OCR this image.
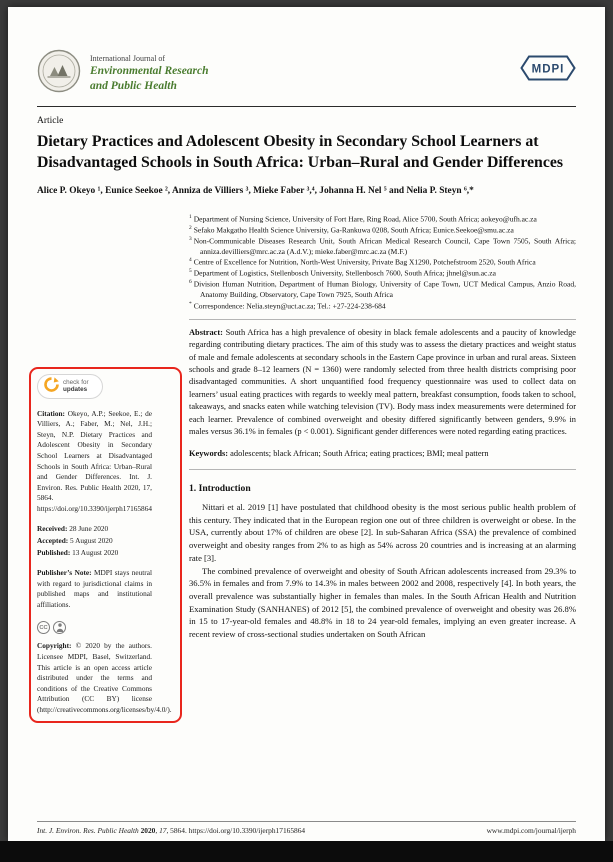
International Journal of
Environmental Research
and Public Health
MDPI
Article
Dietary Practices and Adolescent Obesity in Secondary School Learners at Disadvantaged Schools in South Africa: Urban–Rural and Gender Differences
Alice P. Okeyo ¹, Eunice Seekoe ², Anniza de Villiers ³, Mieke Faber ³,⁴, Johanna H. Nel ⁵ and Nelia P. Steyn ⁶,*
check for
updates

Citation: Okeyo, A.P.; Seekoe, E.; de Villiers, A.; Faber, M.; Nel, J.H.; Steyn, N.P. Dietary Practices and Adolescent Obesity in Secondary School Learners at Disadvantaged Schools in South Africa: Urban–Rural and Gender Differences. Int. J. Environ. Res. Public Health 2020, 17, 5864. https://doi.org/10.3390/ijerph17165864

Received: 28 June 2020
Accepted: 5 August 2020
Published: 13 August 2020

Publisher’s Note: MDPI stays neutral with regard to jurisdictional claims in published maps and institutional affiliations.

CC

Copyright: © 2020 by the authors. Licensee MDPI, Basel, Switzerland. This article is an open access article distributed under the terms and conditions of the Creative Commons Attribution (CC BY) license (http://creativecommons.org/licenses/by/4.0/).

$^1$ Department of Nursing Science, University of Fort Hare, Ring Road, Alice 5700, South Africa; aokeyo@ufh.ac.za
$^2$ Sefako Makgatho Health Science University, Ga-Rankuwa 0208, South Africa; Eunice.Seekoe@smu.ac.za
$^3$ Non-Communicable Diseases Research Unit, South African Medical Research Council, Cape Town 7505, South Africa; anniza.devilliers@mrc.ac.za (A.d.V.); mieke.faber@mrc.ac.za (M.F.)
$^4$ Centre of Excellence for Nutrition, North-West University, Private Bag X1290, Potchefstroom 2520, South Africa
$^5$ Department of Logistics, Stellenbosch University, Stellenbosch 7600, South Africa; jhnel@sun.ac.za
$^6$ Division Human Nutrition, Department of Human Biology, University of Cape Town, UCT Medical Campus, Anzio Road, Anatomy Building, Observatory, Cape Town 7925, South Africa
* Correspondence: Nelia.steyn@uct.ac.za; Tel.: +27-224-238-684

Abstract: South Africa has a high prevalence of obesity in black female adolescents and a paucity of knowledge regarding contributing dietary practices. The aim of this study was to assess the dietary practices and weight status of male and female adolescents at secondary schools in the Eastern Cape province in urban and rural areas. Sixteen schools and grade 8–12 learners (N = 1360) were randomly selected from three health districts comprising poor disadvantaged communities. A short unquantified food frequency questionnaire was used to collect data on learners’ usual eating practices with regards to weekly meal pattern, breakfast consumption, foods taken to school, takeaways, and snacks eaten while watching television (TV). Body mass index measurements were determined for each learner. Prevalence of combined overweight and obesity differed significantly between genders, 9.9% in males versus 36.1% in females (p < 0.001). Significant gender differences were noted regarding eating practices.

Keywords: adolescents; black African; South Africa; eating practices; BMI; meal pattern

1. Introduction

Nittari et al. 2019 [1] have postulated that childhood obesity is the most serious public health problem of this century. They indicated that in the European region one out of three children is overweight or obese. In the USA, currently about 17% of children are obese [2]. In sub-Saharan Africa (SSA) the prevalence of combined overweight and obesity ranges from 2% to as high as 54% across 20 countries and is increasing at an alarming rate [3].

The combined prevalence of overweight and obesity of South African adolescents increased from 29.3% to 36.5% in females and from 7.9% to 14.3% in males between 2002 and 2008, respectively [4]. In both years, the overall prevalence was substantially higher in females than males. In the South African Health and Nutrition Examination Study (SANHANES) of 2012 [5], the combined prevalence of overweight and obesity was 26.8% in 15 to 17-year-old females and 48.8% in 18 to 24 year-old females, implying an even greater increase. A recent review of cross-sectional studies undertaken on South African

Int. J. Environ. Res. Public Health 2020, 17, 5864. https://doi.org/10.3390/ijerph17165864	www.mdpi.com/journal/ijerph
